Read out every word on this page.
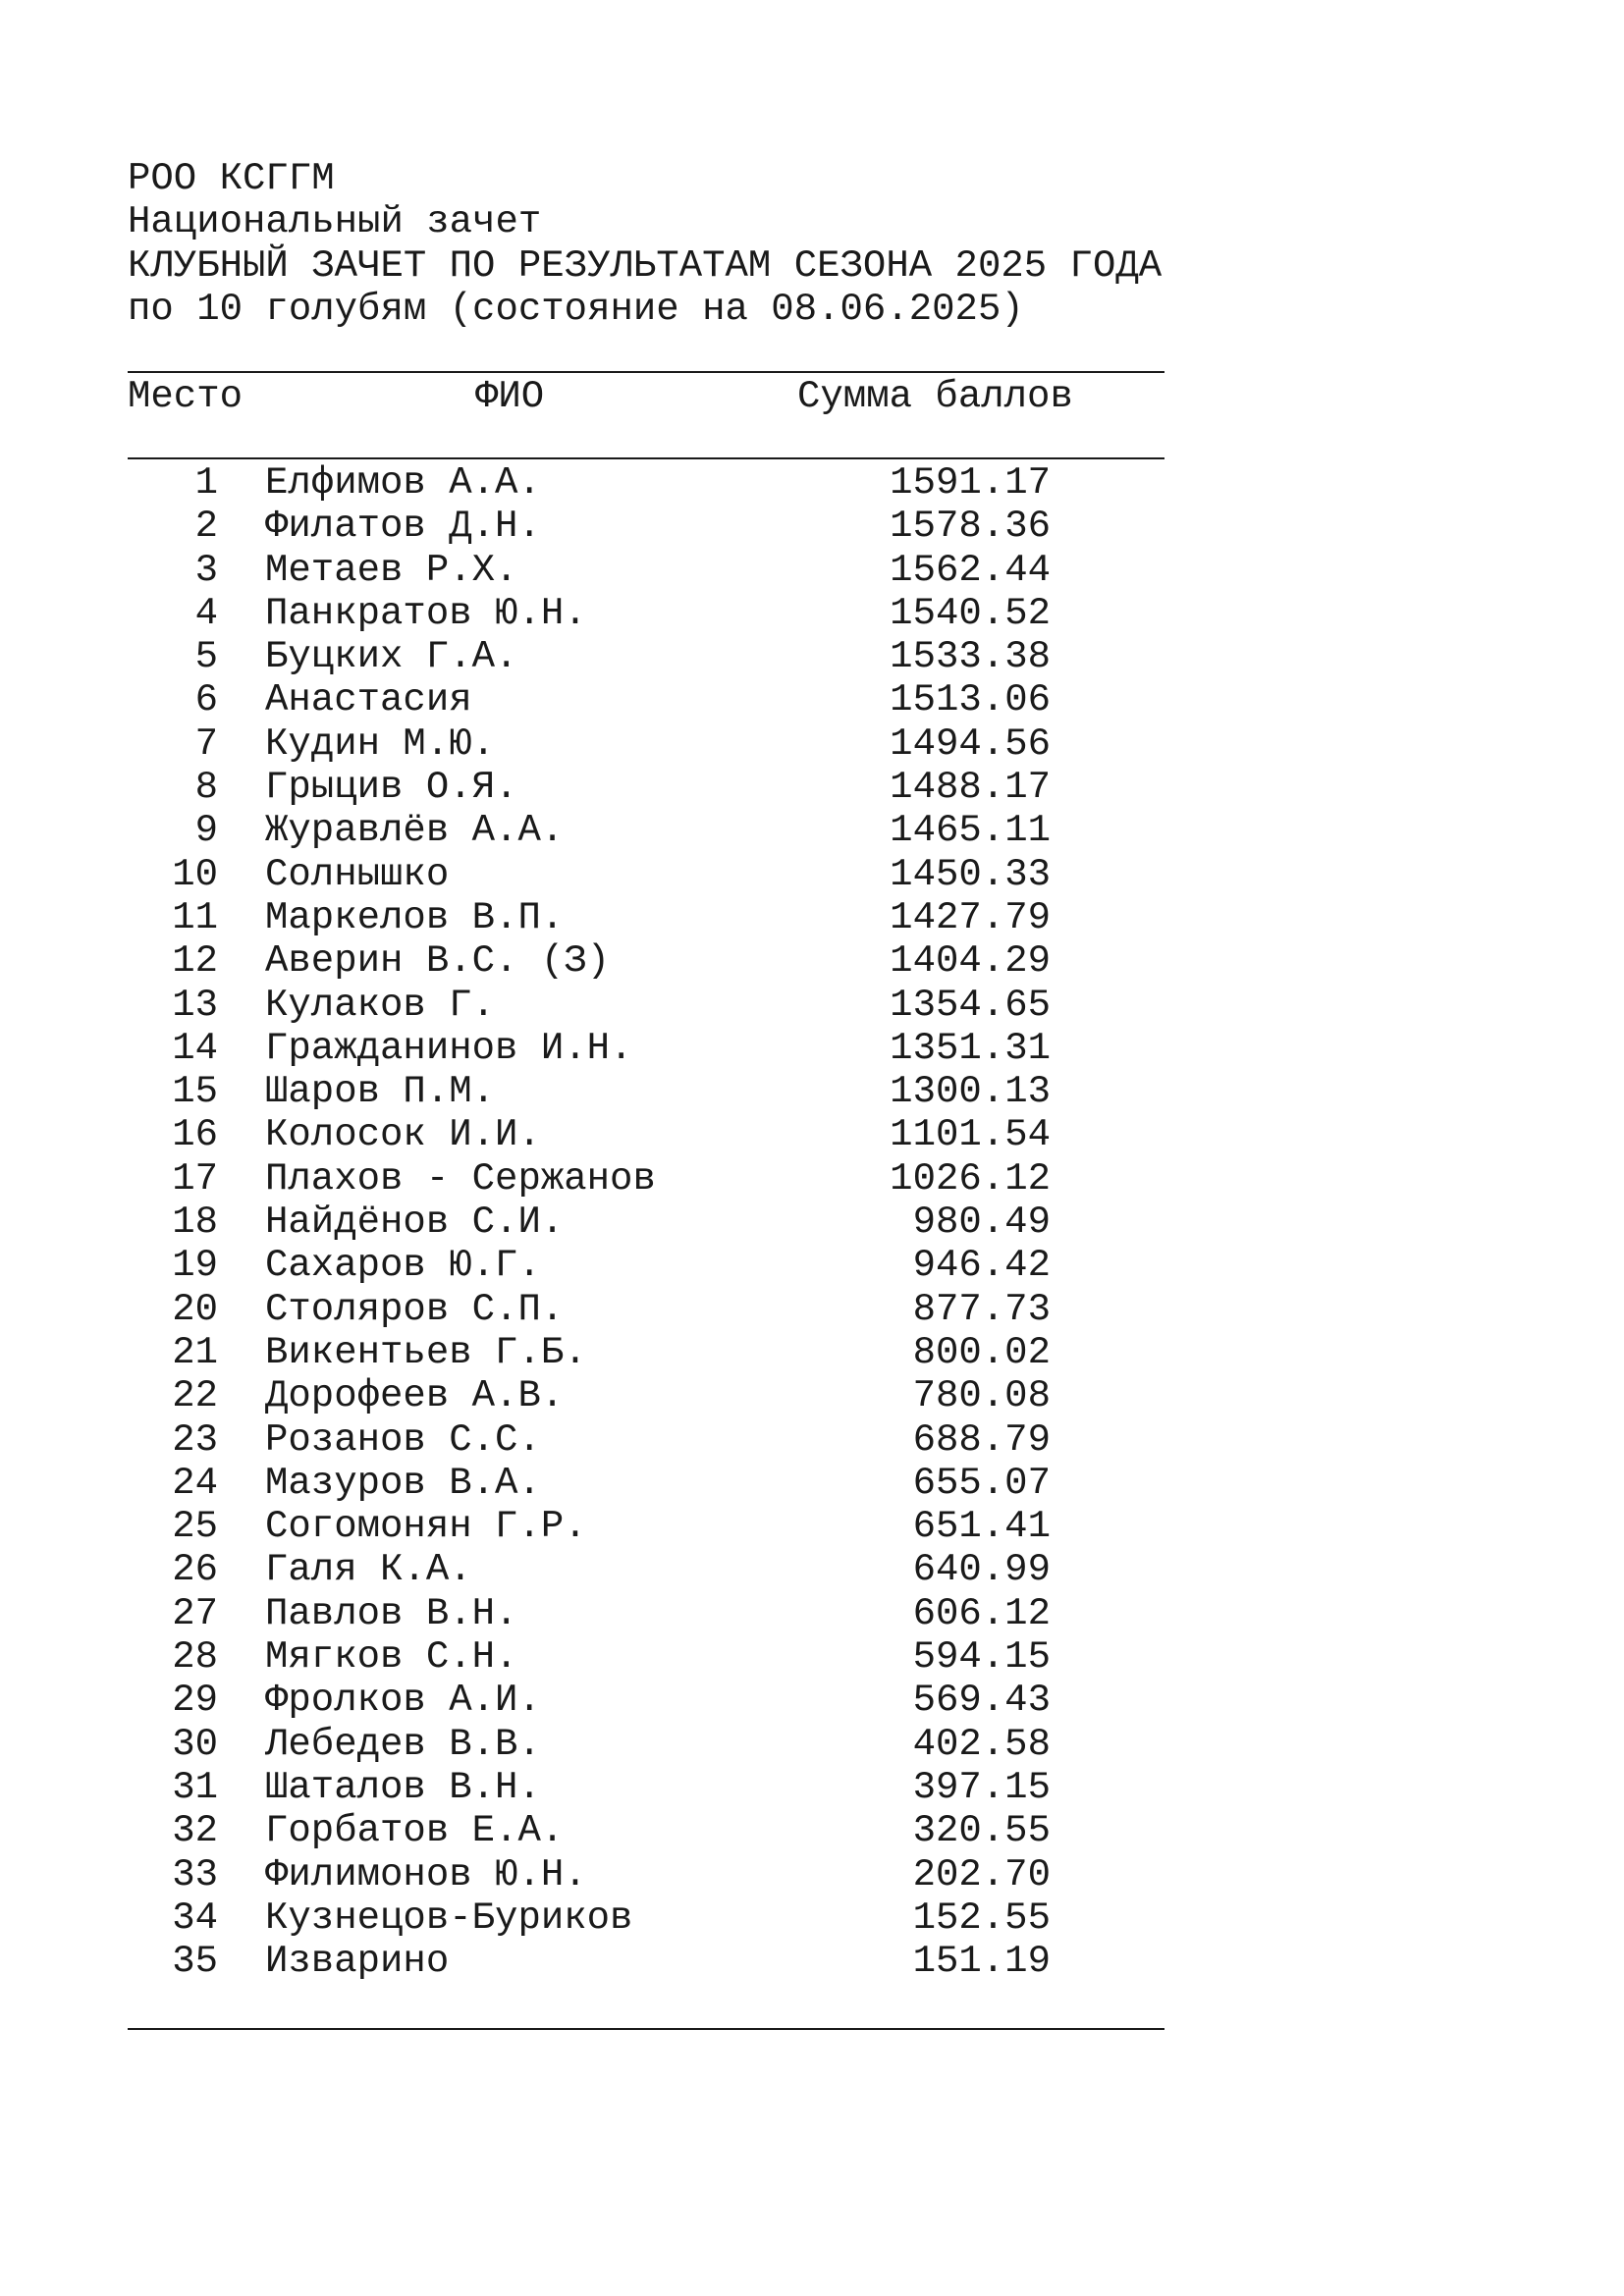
РОО КСГГМ
Национальный зачет
КЛУБНЫЙ ЗАЧЕТ ПО РЕЗУЛЬТАТАМ СЕЗОНА 2025 ГОДА
по 10 голубям (состояние на 08.06.2025)
Место	ФИО	Сумма баллов
1 Елфимов А.А.	1591.17
2 Филатов Д.Н.	1578.36
3 Метаев Р.Х.	1562.44
4 Панкратов Ю.Н.	1540.52
5 Буцких Г.А.	1533.38
6 Анастасия	1513.06
7 Кудин М.Ю.	1494.56
8 Грыцив О.Я.	1488.17
9 Журавлёв А.А.	1465.11
10 Солнышко	1450.33
11 Маркелов В.П.	1427.79
12 Аверин В.С. (З)	1404.29
13 Кулаков Г.	1354.65
14 Гражданинов И.Н.	1351.31
15 Шаров П.М.	1300.13
16 Колосок И.И.	1101.54
17 Плахов - Сержанов	1026.12
18 Найдёнов С.И.	980.49
19 Сахаров Ю.Г.	946.42
20 Столяров С.П.	877.73
21 Викентьев Г.Б.	800.02
22 Дорофеев А.В.	780.08
23 Розанов С.С.	688.79
24 Мазуров В.А.	655.07
25 Согомонян Г.Р.	651.41
26 Галя К.А.	640.99
27 Павлов В.Н.	606.12
28 Мягков С.Н.	594.15
29 Фролков А.И.	569.43
30 Лебедев В.В.	402.58
31 Шаталов В.Н.	397.15
32 Горбатов Е.А.	320.55
33 Филимонов Ю.Н.	202.70
34 Кузнецов-Буриков	152.55
35 Изварино	151.19
